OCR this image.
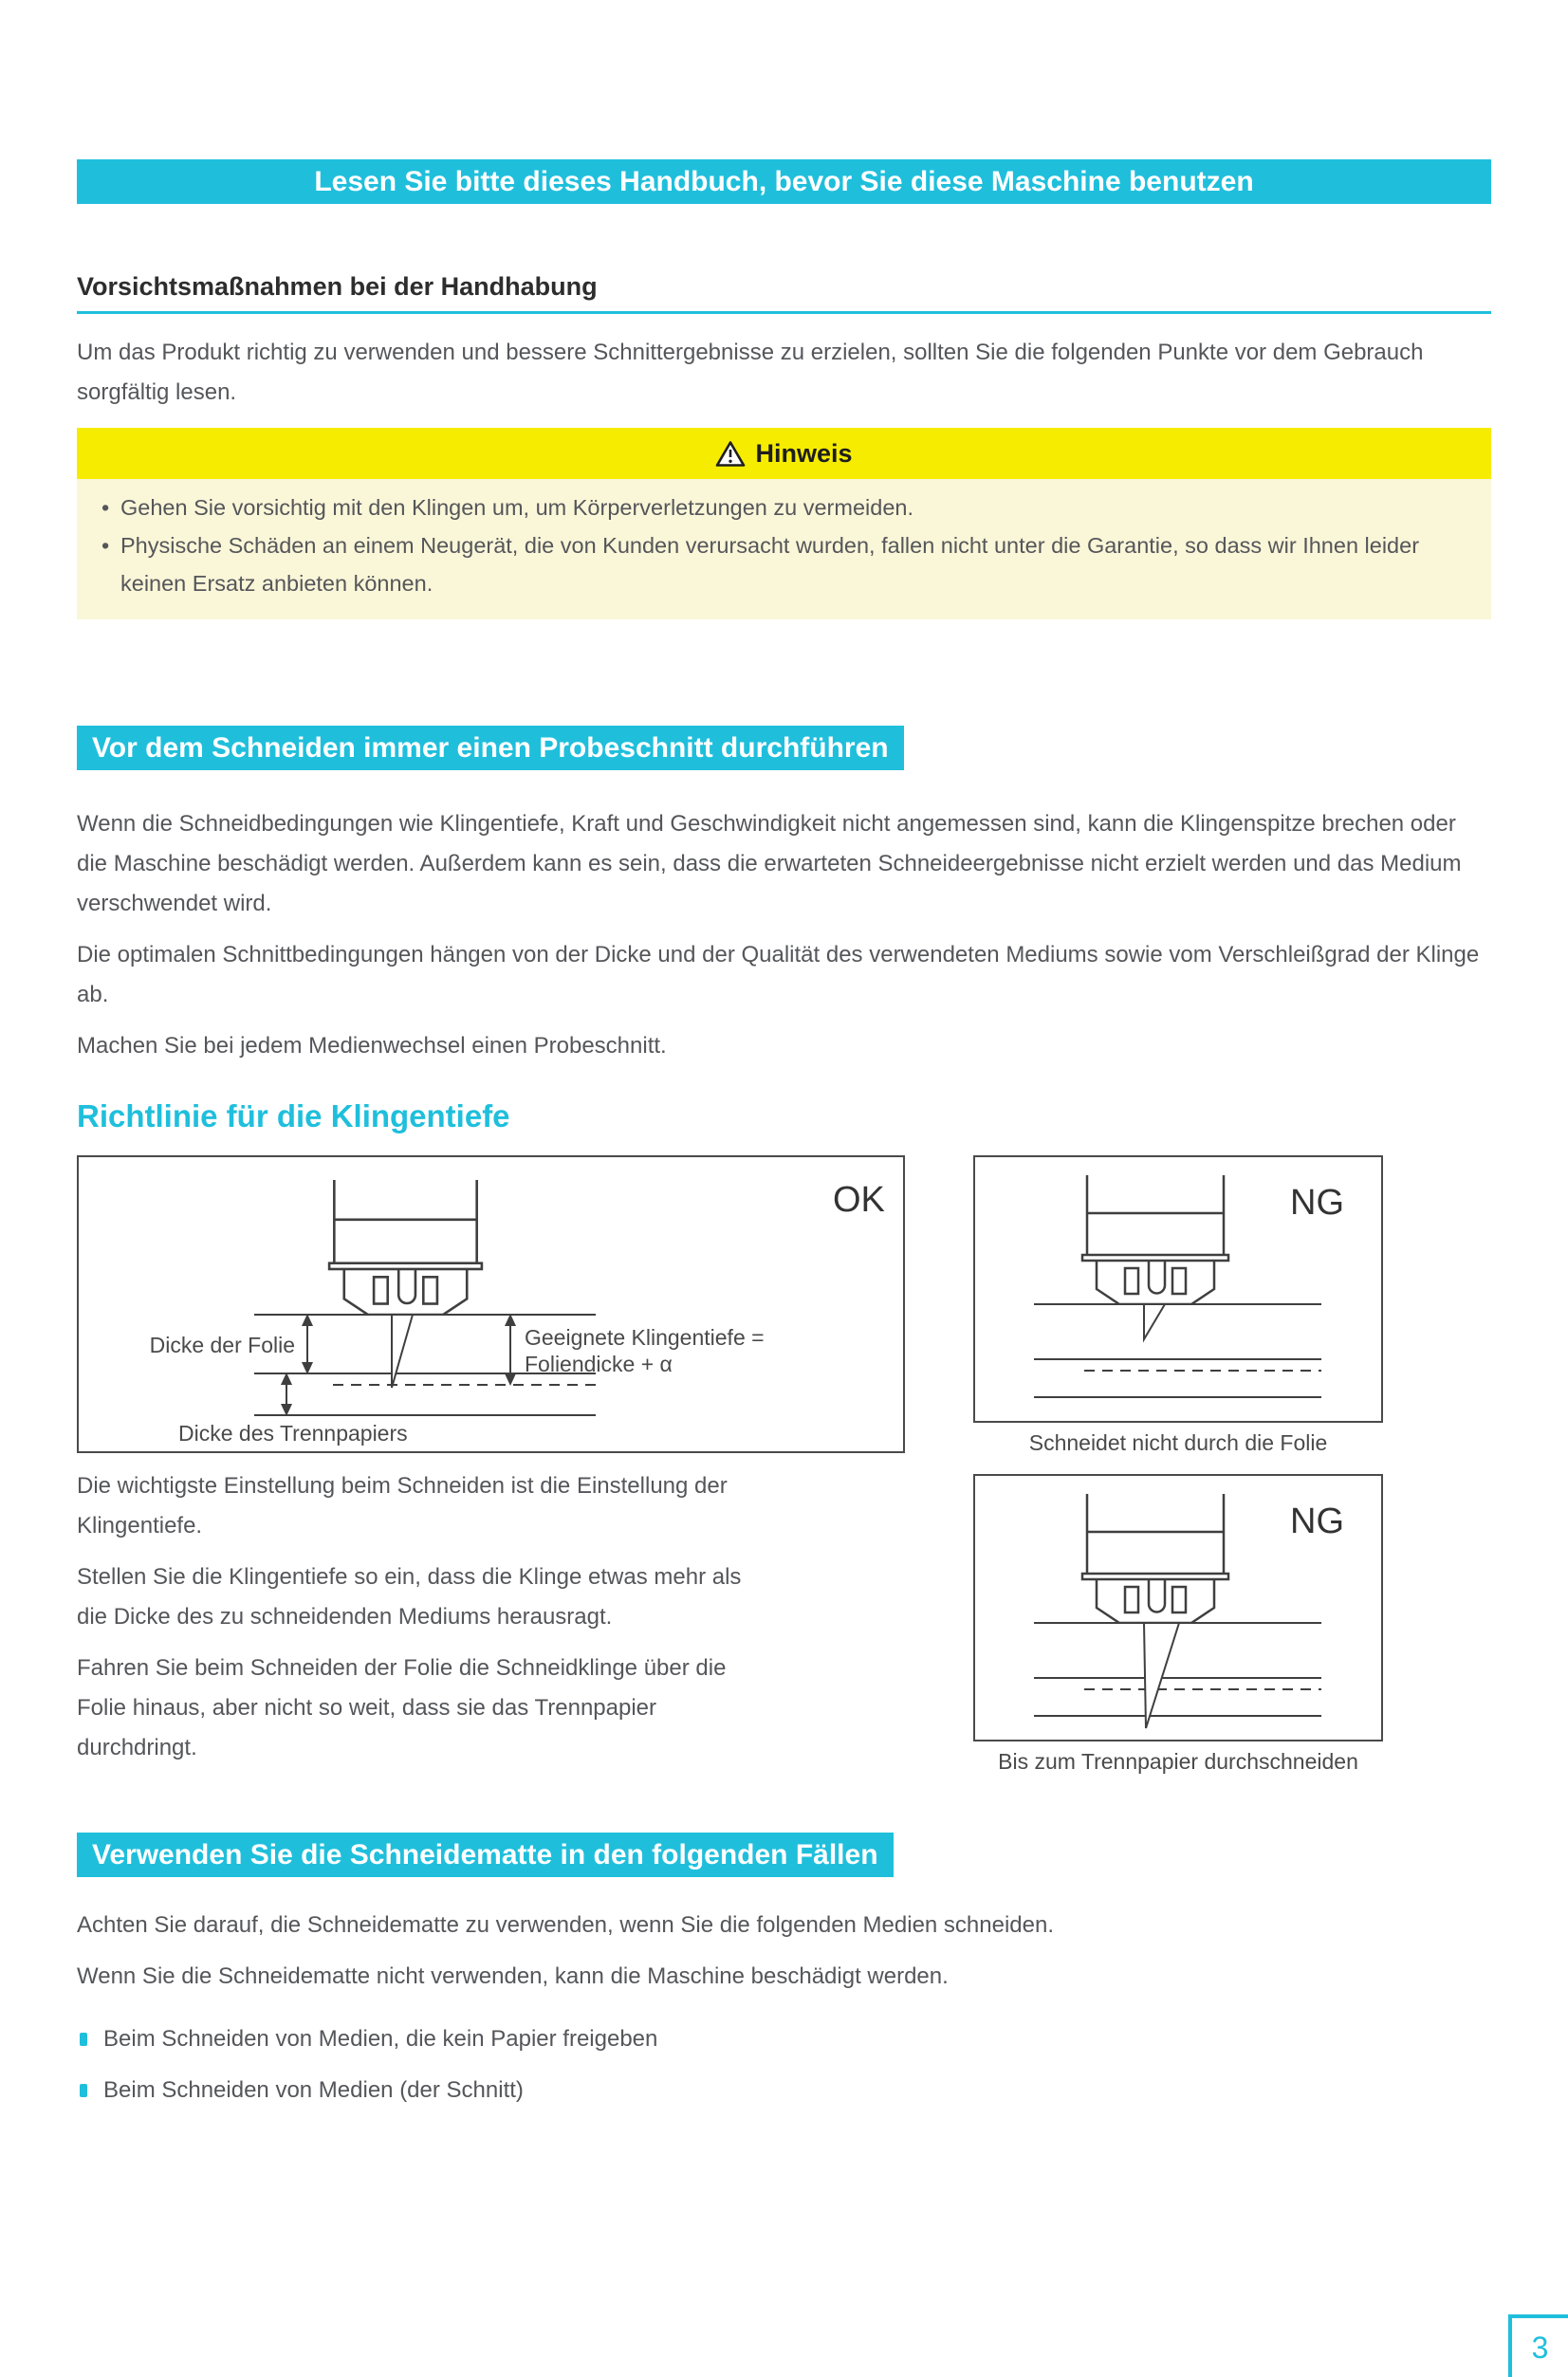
Lesen Sie bitte dieses Handbuch, bevor Sie diese Maschine benutzen
Vorsichtsmaßnahmen bei der Handhabung

Um das Produkt richtig zu verwenden und bessere Schnittergebnisse zu erzielen, sollten Sie die folgenden Punkte vor dem Gebrauch sorgfältig lesen.

Hinweis
• Gehen Sie vorsichtig mit den Klingen um, um Körperverletzungen zu vermeiden.
• Physische Schäden an einem Neugerät, die von Kunden verursacht wurden, fallen nicht unter die Garantie, so dass wir Ihnen leider keinen Ersatz anbieten können.
Vor dem Schneiden immer einen Probeschnitt durchführen

Wenn die Schneidbedingungen wie Klingentiefe, Kraft und Geschwindigkeit nicht angemessen sind, kann die Klingenspitze brechen oder die Maschine beschädigt werden. Außerdem kann es sein, dass die erwarteten Schneideergebnisse nicht erzielt werden und das Medium verschwendet wird.

Die optimalen Schnittbedingungen hängen von der Dicke und der Qualität des verwendeten Mediums sowie vom Verschleißgrad der Klinge ab.

Machen Sie bei jedem Medienwechsel einen Probeschnitt.

Richtlinie für die Klingentiefe
OK
Dicke der Folie	Geeignete Klingentiefe =
Foliendicke + α
Dicke des Trennpapiers

Die wichtigste Einstellung beim Schneiden ist die Einstellung der Klingentiefe.

Stellen Sie die Klingentiefe so ein, dass die Klinge etwas mehr als die Dicke des zu schneidenden Mediums herausragt.

Fahren Sie beim Schneiden der Folie die Schneidklinge über die Folie hinaus, aber nicht so weit, dass sie das Trennpapier durchdringt.

NG
Schneidet nicht durch die Folie
NG
Bis zum Trennpapier durchschneiden
Verwenden Sie die Schneidematte in den folgenden Fällen

Achten Sie darauf, die Schneidematte zu verwenden, wenn Sie die folgenden Medien schneiden.

Wenn Sie die Schneidematte nicht verwenden, kann die Maschine beschädigt werden.

Beim Schneiden von Medien, die kein Papier freigeben
Beim Schneiden von Medien (der Schnitt)
3
